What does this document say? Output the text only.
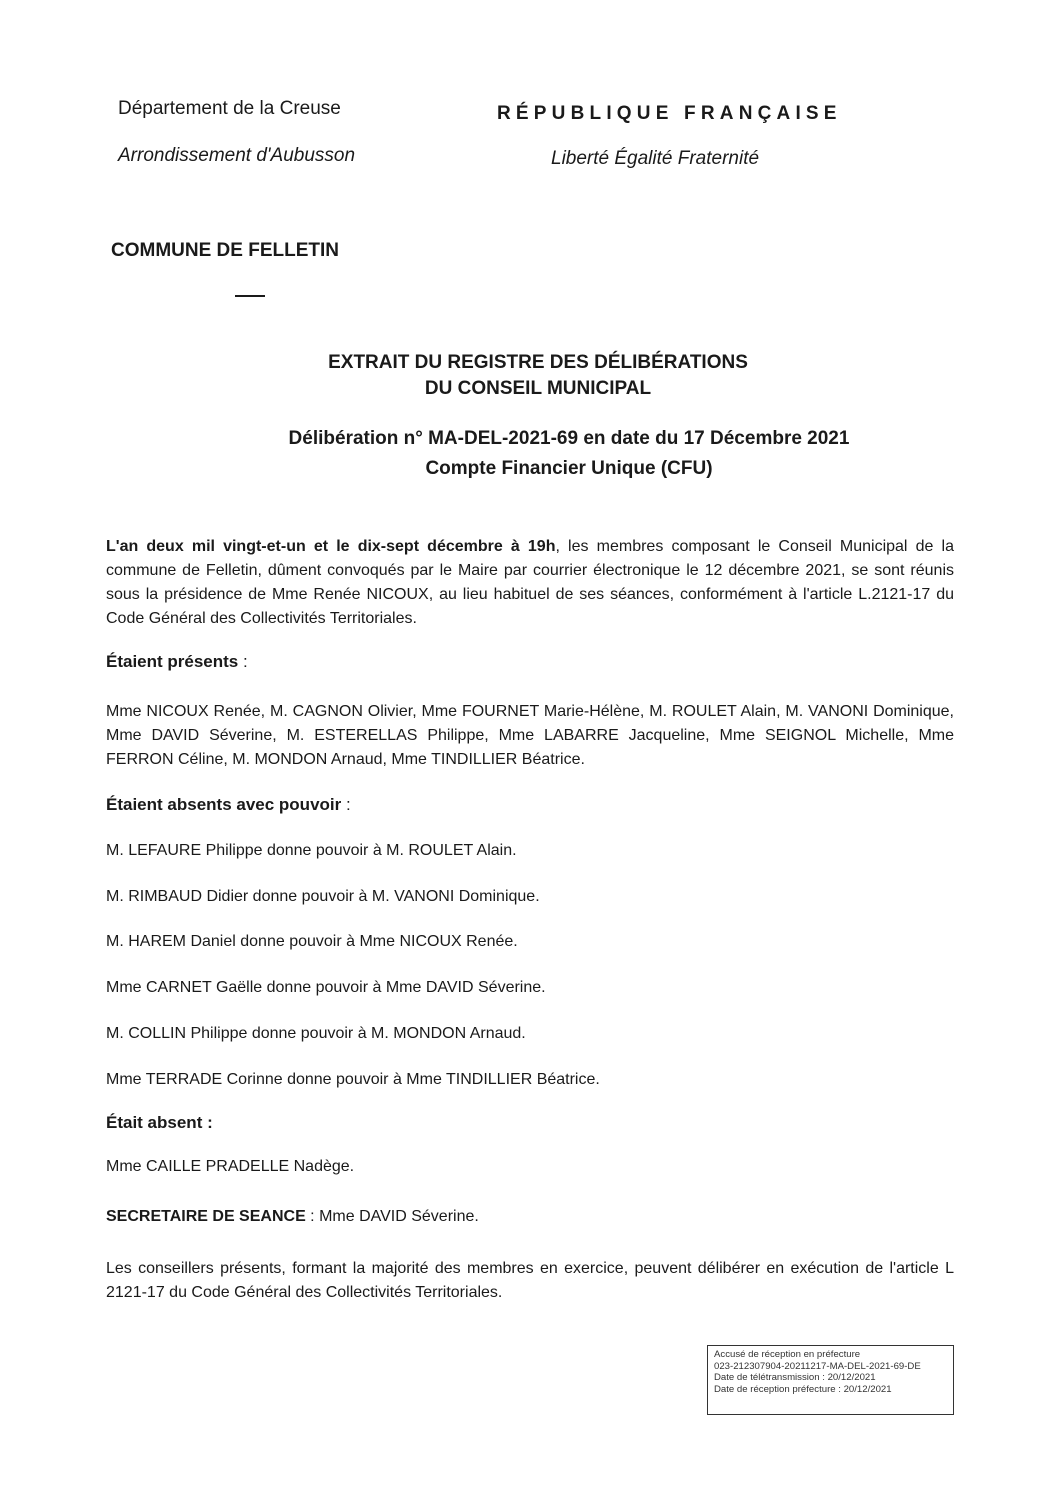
Département de la Creuse
Arrondissement d'Aubusson
RÉPUBLIQUE FRANÇAISE
Liberté Égalité Fraternité
COMMUNE DE FELLETIN
EXTRAIT DU REGISTRE DES DÉLIBÉRATIONS
DU CONSEIL MUNICIPAL
Délibération n° MA-DEL-2021-69 en date du 17 Décembre 2021
Compte Financier Unique (CFU)
L'an deux mil vingt-et-un et le dix-sept décembre à 19h, les membres composant le Conseil Municipal de la commune de Felletin, dûment convoqués par le Maire par courrier électronique le 12 décembre 2021, se sont réunis sous la présidence de Mme Renée NICOUX, au lieu habituel de ses séances, conformément à l'article L.2121-17 du Code Général des Collectivités Territoriales.
Étaient présents :
Mme NICOUX Renée, M. CAGNON Olivier, Mme FOURNET Marie-Hélène, M. ROULET Alain, M. VANONI Dominique, Mme DAVID Séverine, M. ESTERELLAS Philippe, Mme LABARRE Jacqueline, Mme SEIGNOL Michelle, Mme FERRON Céline, M. MONDON Arnaud, Mme TINDILLIER Béatrice.
Étaient absents avec pouvoir :
M. LEFAURE Philippe donne pouvoir à M. ROULET Alain.
M. RIMBAUD Didier donne pouvoir à M. VANONI Dominique.
M. HAREM Daniel donne pouvoir à Mme NICOUX Renée.
Mme CARNET Gaëlle donne pouvoir à Mme DAVID Séverine.
M. COLLIN Philippe donne pouvoir à M. MONDON Arnaud.
Mme TERRADE Corinne donne pouvoir à Mme TINDILLIER Béatrice.
Était absent :
Mme CAILLE PRADELLE Nadège.
SECRETAIRE DE SEANCE : Mme DAVID Séverine.
Les conseillers présents, formant la majorité des membres en exercice, peuvent délibérer en exécution de l'article L 2121-17 du Code Général des Collectivités Territoriales.
Accusé de réception en préfecture
023-212307904-20211217-MA-DEL-2021-69-DE
Date de télétransmission : 20/12/2021
Date de réception préfecture : 20/12/2021
